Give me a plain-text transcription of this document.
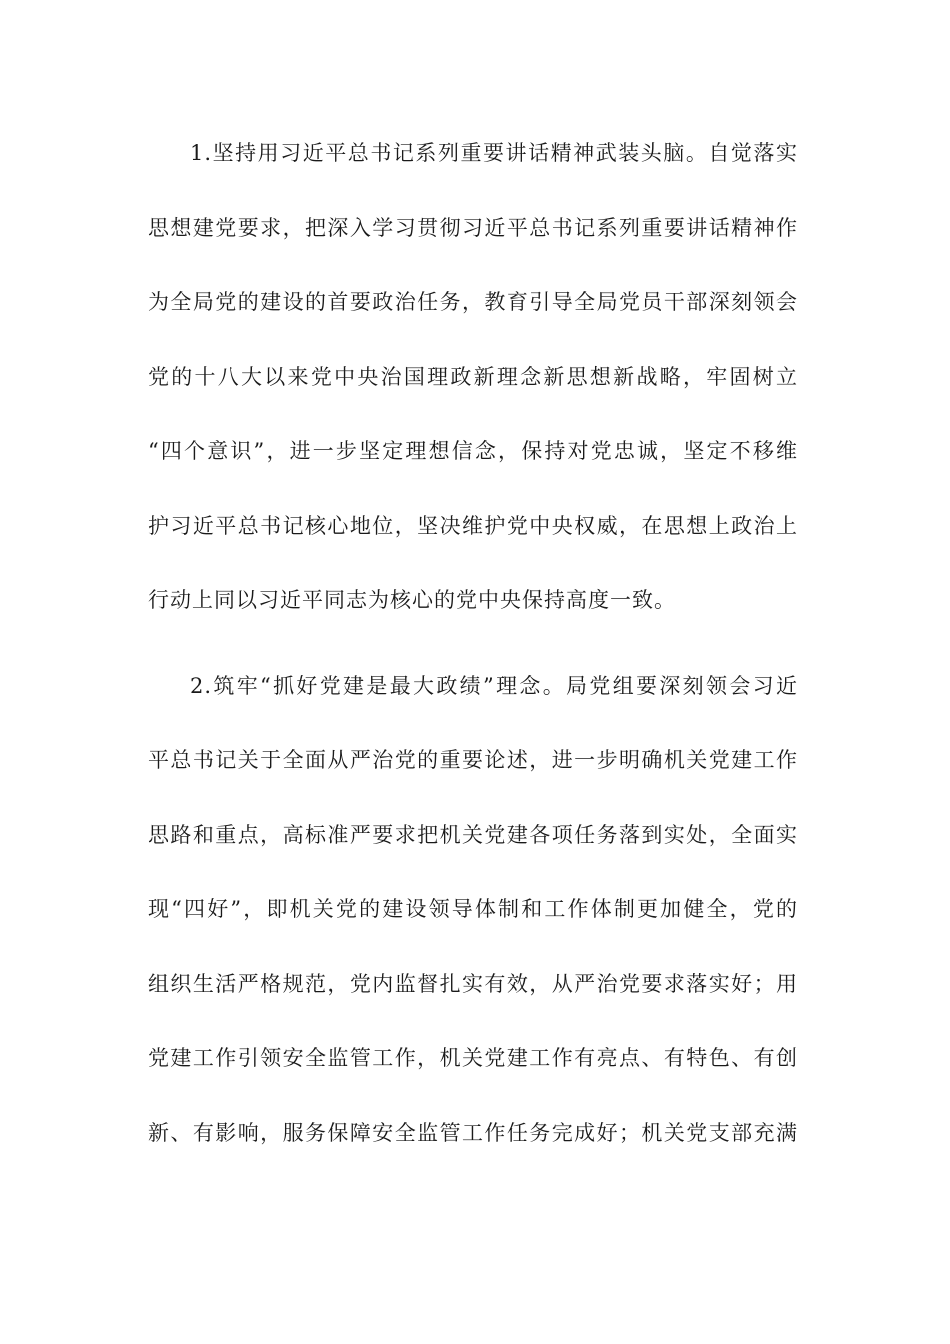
1.坚持用习近平总书记系列重要讲话精神武装头脑。自觉落实
思想建党要求，把深入学习贯彻习近平总书记系列重要讲话精神作
为全局党的建设的首要政治任务，教育引导全局党员干部深刻领会
党的十八大以来党中央治国理政新理念新思想新战略，牢固树立
“四个意识”，进一步坚定理想信念，保持对党忠诚，坚定不移维
护习近平总书记核心地位，坚决维护党中央权威，在思想上政治上
行动上同以习近平同志为核心的党中央保持高度一致。
2.筑牢“抓好党建是最大政绩”理念。局党组要深刻领会习近
平总书记关于全面从严治党的重要论述，进一步明确机关党建工作
思路和重点，高标准严要求把机关党建各项任务落到实处，全面实
现“四好”，即机关党的建设领导体制和工作体制更加健全，党的
组织生活严格规范，党内监督扎实有效，从严治党要求落实好；用
党建工作引领安全监管工作，机关党建工作有亮点、有特色、有创
新、有影响，服务保障安全监管工作任务完成好；机关党支部充满
